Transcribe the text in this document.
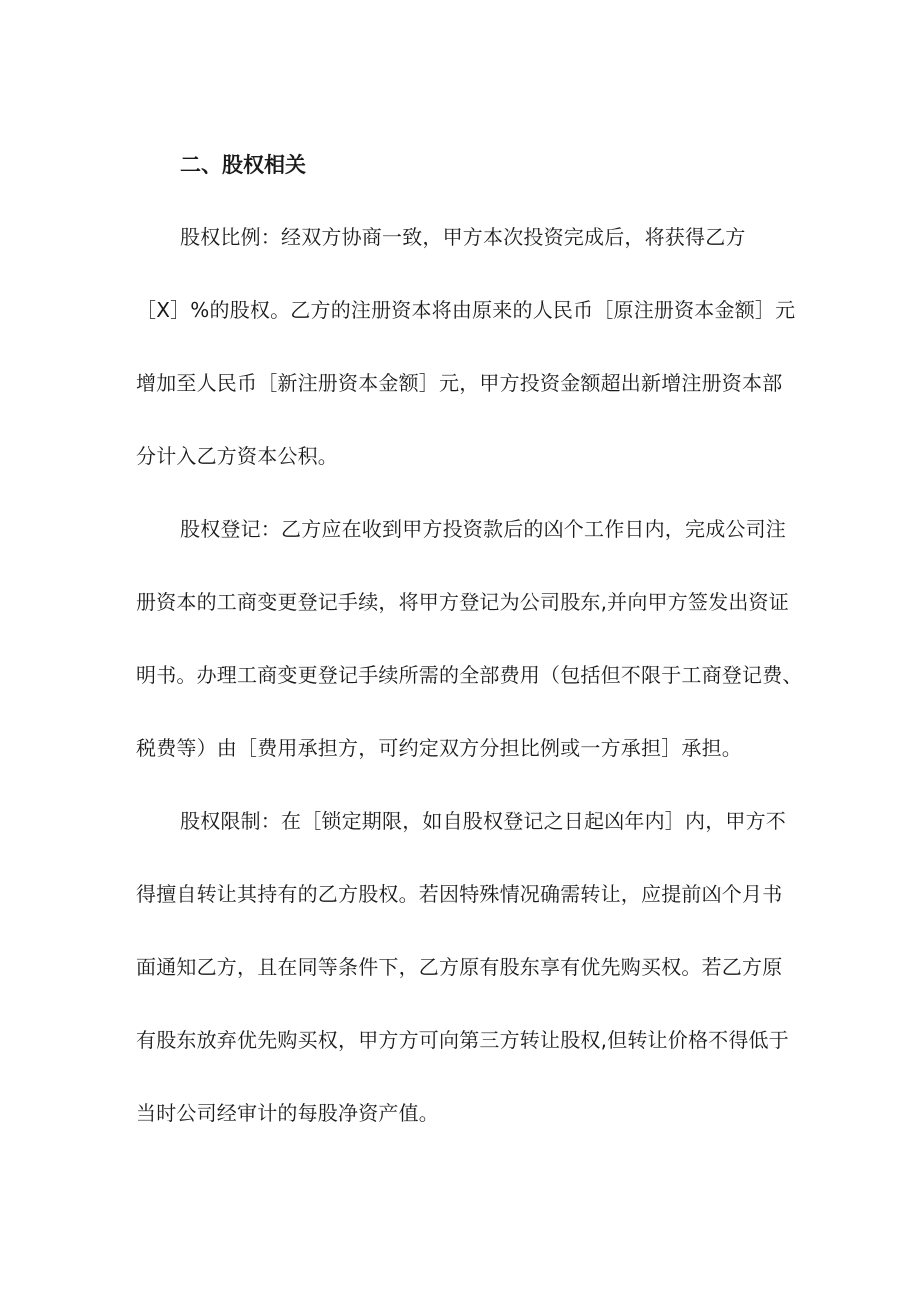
二、股权相关
股权比例：经双方协商一致，甲方本次投资完成后，将获得乙方
［X］%的股权。乙方的注册资本将由原来的人民币［原注册资本金额］元
增加至人民币［新注册资本金额］元，甲方投资金额超出新增注册资本部
分计入乙方资本公积。
股权登记：乙方应在收到甲方投资款后的凶个工作日内，完成公司注
册资本的工商变更登记手续，将甲方登记为公司股东,并向甲方签发出资证
明书。办理工商变更登记手续所需的全部费用（包括但不限于工商登记费、
税费等）由［费用承担方，可约定双方分担比例或一方承担］承担。
股权限制：在［锁定期限，如自股权登记之日起凶年内］内，甲方不
得擅自转让其持有的乙方股权。若因特殊情况确需转让，应提前凶个月书
面通知乙方，且在同等条件下，乙方原有股东享有优先购买权。若乙方原
有股东放弃优先购买权，甲方方可向第三方转让股权,但转让价格不得低于
当时公司经审计的每股净资产值。
